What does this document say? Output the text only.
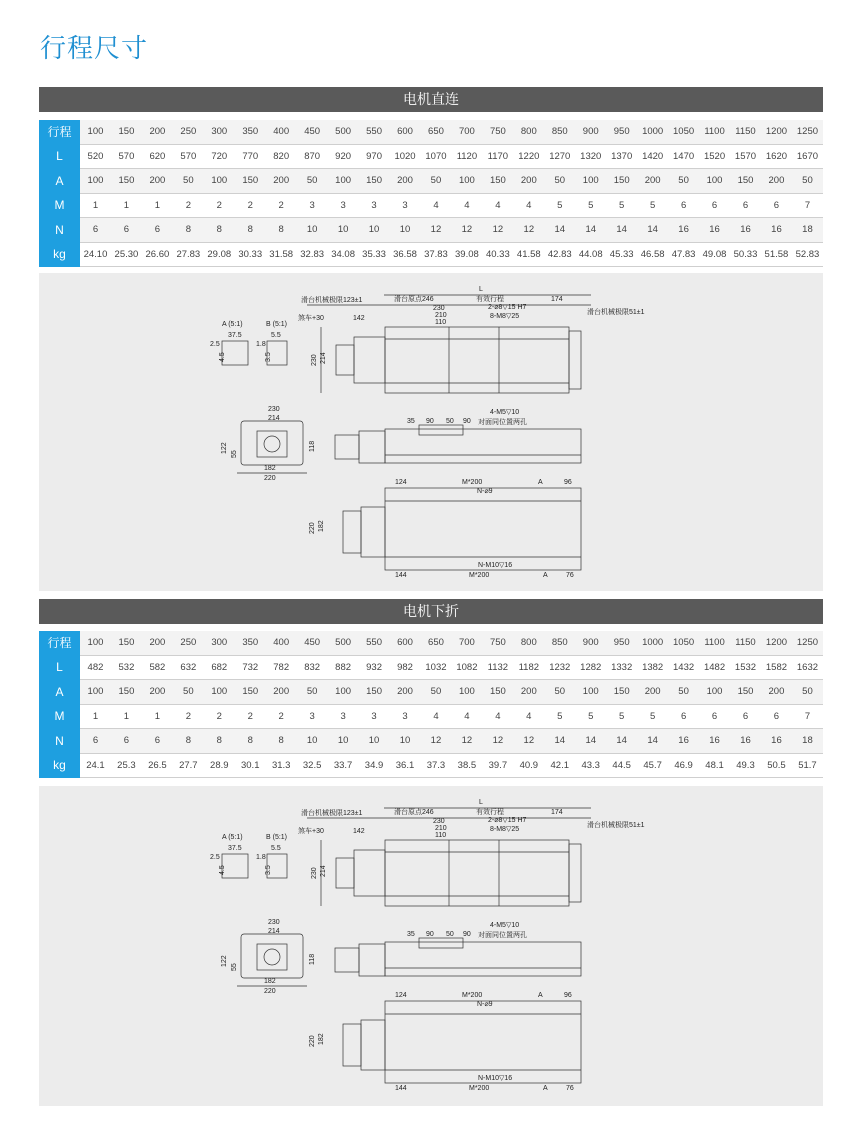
行程尺寸
电机直连
行程	100	150	200	250	300	350	400	450	500	550	600	650	700	750	800	850	900	950	1000	1050	1100	1150	1200	1250
L	520	570	620	570	720	770	820	870	920	970	1020	1070	1120	1170	1220	1270	1320	1370	1420	1470	1520	1570	1620	1670
A	100	150	200	50	100	150	200	50	100	150	200	50	100	150	200	50	100	150	200	50	100	150	200	50
M	1	1	1	2	2	2	2	3	3	3	3	4	4	4	4	5	5	5	5	6	6	6	6	7
N	6	6	6	8	8	8	8	10	10	10	10	12	12	12	12	14	14	14	14	16	16	16	16	18
kg	24.10	25.30	26.60	27.83	29.08	30.33	31.58	32.83	34.08	35.33	36.58	37.83	39.08	40.33	41.58	42.83	44.08	45.33	46.58	47.83	49.08	50.33	51.58	52.83
L
滑台机械极限123±1	滑台原点246	有效行程	174
滑台机械极限51±1
煞车+30	142
230
210
110
2-⌀8▽15 H7
8-M8▽25
230 214
A (5:1)	B (5:1)
37.5
2.5	1.8
5.5
4.5	3.5
230
214
122
55
118
182
220
35 90 50 90
4-M5▽10
对面同位置两孔
124	M*200	A	96
N-⌀9
220 182
N-M10▽16
144	M*200	A	76
电机下折
行程	100	150	200	250	300	350	400	450	500	550	600	650	700	750	800	850	900	950	1000	1050	1100	1150	1200	1250
L	482	532	582	632	682	732	782	832	882	932	982	1032	1082	1132	1182	1232	1282	1332	1382	1432	1482	1532	1582	1632
A	100	150	200	50	100	150	200	50	100	150	200	50	100	150	200	50	100	150	200	50	100	150	200	50
M	1	1	1	2	2	2	2	3	3	3	3	4	4	4	4	5	5	5	5	6	6	6	6	7
N	6	6	6	8	8	8	8	10	10	10	10	12	12	12	12	14	14	14	14	16	16	16	16	18
kg	24.1	25.3	26.5	27.7	28.9	30.1	31.3	32.5	33.7	34.9	36.1	37.3	38.5	39.7	40.9	42.1	43.3	44.5	45.7	46.9	48.1	49.3	50.5	51.7
L
滑台机械极限123±1	滑台原点246	有效行程	174
滑台机械极限51±1
煞车+30	142
230
210
110
2-⌀8▽15 H7
8-M8▽25
230 214
A (5:1)	B (5:1)
37.5
2.5	1.8
5.5
4.5	3.5
230
214
122
55
118
182
220
35 90 50 90
4-M5▽10
对面同位置两孔
124	M*200	A	96
N-⌀9
220 182
N-M10▽16
144	M*200	A	76
